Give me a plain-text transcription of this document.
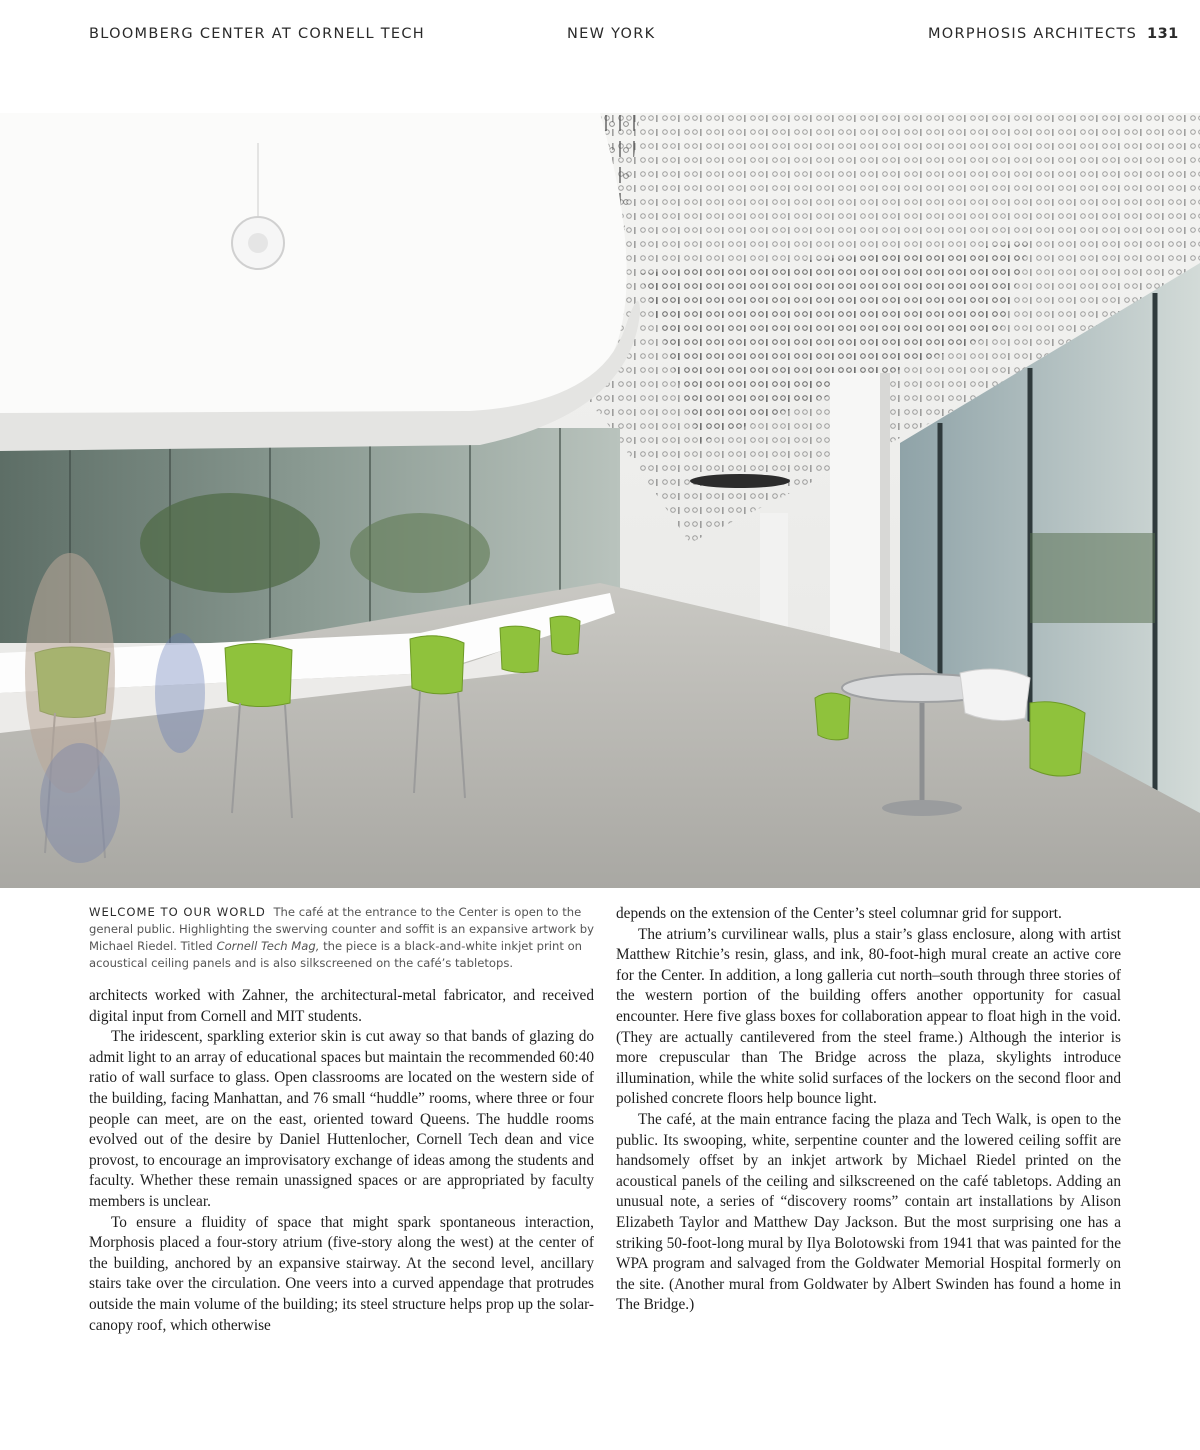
BLOOMBERG CENTER AT CORNELL TECH	NEW YORK	MORPHOSIS ARCHITECTS 131
WELCOME TO OUR WORLD The café at the entrance to the Center is open to the general public. Highlighting the swerving counter and soffit is an expansive artwork by Michael Riedel. Titled Cornell Tech Mag, the piece is a black-and-white inkjet print on acoustical ceiling panels and is also silkscreened on the café’s tabletops.

architects worked with Zahner, the architectural-metal fabricator, and received digital input from Cornell and MIT students.

The iridescent, sparkling exterior skin is cut away so that bands of glazing do admit light to an array of educational spaces but maintain the recommended 60:40 ratio of wall surface to glass. Open classrooms are located on the western side of the building, facing Manhattan, and 76 small “huddle” rooms, where three or four people can meet, are on the east, oriented toward Queens. The huddle rooms evolved out of the desire by Daniel Huttenlocher, Cornell Tech dean and vice provost, to encourage an improvisatory exchange of ideas among the students and faculty. Whether these remain unassigned spaces or are appropriated by faculty members is unclear.

To ensure a fluidity of space that might spark spontaneous interaction, Morphosis placed a four-story atrium (five-story along the west) at the center of the building, anchored by an expansive stairway. At the second level, ancillary stairs take over the circulation. One veers into a curved appendage that protrudes outside the main volume of the building; its steel structure helps prop up the solar-canopy roof, which otherwise

depends on the extension of the Center’s steel columnar grid for support.

The atrium’s curvilinear walls, plus a stair’s glass enclosure, along with artist Matthew Ritchie’s resin, glass, and ink, 80-foot-high mural create an active core for the Center. In addition, a long galleria cut north–south through three stories of the western portion of the building offers another opportunity for casual encounter. Here five glass boxes for collaboration appear to float high in the void. (They are actually cantilevered from the steel frame.) Although the interior is more crepuscular than The Bridge across the plaza, skylights introduce illumination, while the white solid surfaces of the lockers on the second floor and polished concrete floors help bounce light.

The café, at the main entrance facing the plaza and Tech Walk, is open to the public. Its swooping, white, serpentine counter and the lowered ceiling soffit are handsomely offset by an inkjet artwork by Michael Riedel printed on the acoustical panels of the ceiling and silkscreened on the café tabletops. Adding an unusual note, a series of “discovery rooms” contain art installations by Alison Elizabeth Taylor and Matthew Day Jackson. But the most surprising one has a striking 50-foot-long mural by Ilya Bolotowski from 1941 that was painted for the WPA program and salvaged from the Goldwater Memorial Hospital formerly on the site. (Another mural from Goldwater by Albert Swinden has found a home in The Bridge.)
